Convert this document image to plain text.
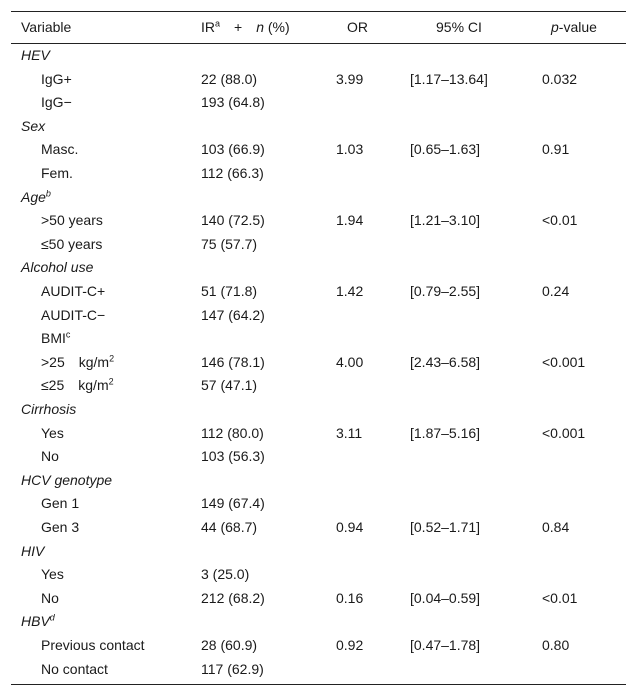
Variable	$IR^a + n$ (%)	OR	95% CI	p-value
HEV
IgG+	22 (88.0)	3.99	[1.17–13.64]	0.032
IgG−	193 (64.8)
Sex
Masc.	103 (66.9)	1.03	[0.65–1.63]	0.91
Fem.	112 (66.3)
Age$^b$
>50 years	140 (72.5)	1.94	[1.21–3.10]	<0.01
≤50 years	75 (57.7)
Alcohol use
AUDIT-C+	51 (71.8)	1.42	[0.79–2.55]	0.24
AUDIT-C−	147 (64.2)
$BMI^c$
>25 $kg/m^2$	146 (78.1)	4.00	[2.43–6.58]	<0.001
≤25 $kg/m^2$	57 (47.1)
Cirrhosis
Yes	112 (80.0)	3.11	[1.87–5.16]	<0.001
No	103 (56.3)
HCV genotype
Gen 1	149 (67.4)
Gen 3	44 (68.7)	0.94	[0.52–1.71]	0.84
HIV
Yes	3 (25.0)
No	212 (68.2)	0.16	[0.04–0.59]	<0.01
HBV$^d$
Previous contact	28 (60.9)	0.92	[0.47–1.78]	0.80
No contact	117 (62.9)
